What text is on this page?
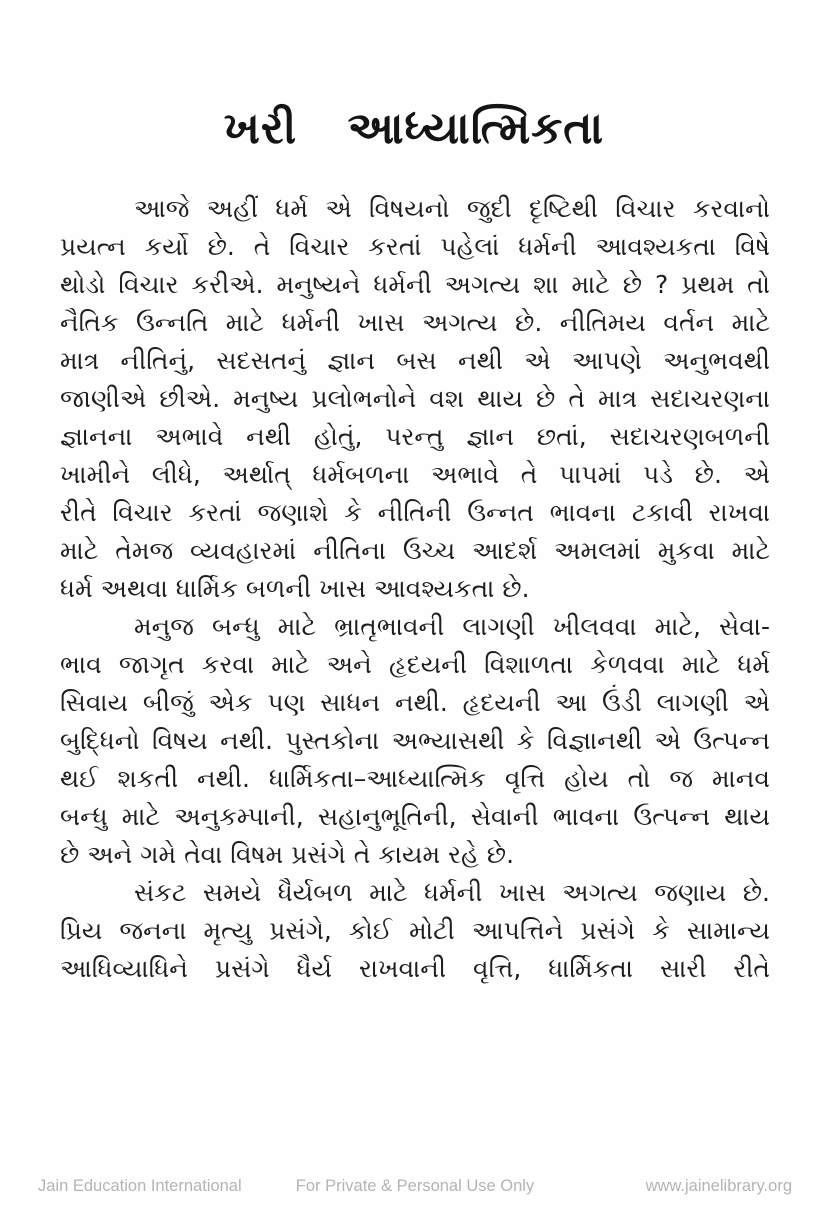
ખરી આધ્યાત્મિકતા
આજે અહીં ધર્મ એ વિષયનો જુદી દૃષ્ટિથી વિચાર કરવાનો
પ્રયત્ન કર્યો છે. તે વિચાર કરતાં પહેલાં ધર્મની આવશ્યકતા વિષે
થોડો વિચાર કરીએ. મનુષ્યને ધર્મની અગત્ય શા માટે છે ? પ્રથમ તો
નૈતિક ઉન્નતિ માટે ધર્મની ખાસ અગત્ય છે. નીતિમય વર્તન માટે
માત્ર નીતિનું, સદસતનું જ્ઞાન બસ નથી એ આપણે અનુભવથી
જાણીએ છીએ. મનુષ્ય પ્રલોભનોને વશ થાય છે તે માત્ર સદાચરણના
જ્ઞાનના અભાવે નથી હોતું, પરન્તુ જ્ઞાન છતાં, સદાચરણબળની
ખામીને લીધે, અર્થાત્ ધર્મબળના અભાવે તે પાપમાં પડે છે. એ
રીતે વિચાર કરતાં જણાશે કે નીતિની ઉન્નત ભાવના ટકાવી રાખવા
માટે તેમજ વ્યવહારમાં નીતિના ઉચ્ચ આદર્શ અમલમાં મુકવા માટે
ધર્મ અથવા ધાર્મિક બળની ખાસ આવશ્યકતા છે.
મનુજ બન્ધુ માટે ભ્રાતૃભાવની લાગણી ખીલવવા માટે, સેવા-
ભાવ જાગૃત કરવા માટે અને હૃદયની વિશાળતા કેળવવા માટે ધર્મ
સિવાય બીજું એક પણ સાધન નથી. હૃદયની આ ઉંડી લાગણી એ
બુદ્ધિનો વિષય નથી. પુસ્તકોના અભ્યાસથી કે વિજ્ઞાનથી એ ઉત્પન્ન
થઈ શકતી નથી. ધાર્મિકતા–આધ્યાત્મિક વૃત્તિ હોય તો જ માનવ
બન્ધુ માટે અનુકમ્પાની, સહાનુભૂતિની, સેવાની ભાવના ઉત્પન્ન થાય
છે અને ગમે તેવા વિષમ પ્રસંગે તે કાયમ રહે છે.
સંકટ સમયે ધૈર્યબળ માટે ધર્મની ખાસ અગત્ય જણાય છે.
પ્રિય જનના મૃત્યુ પ્રસંગે, કોઈ મોટી આપત્તિને પ્રસંગે કે સામાન્ય
આધિવ્યાધિને પ્રસંગે ધૈર્ય રાખવાની વૃત્તિ, ધાર્મિકતા સારી રીતે
Jain Education International	For Private & Personal Use Only	www.jainelibrary.org
